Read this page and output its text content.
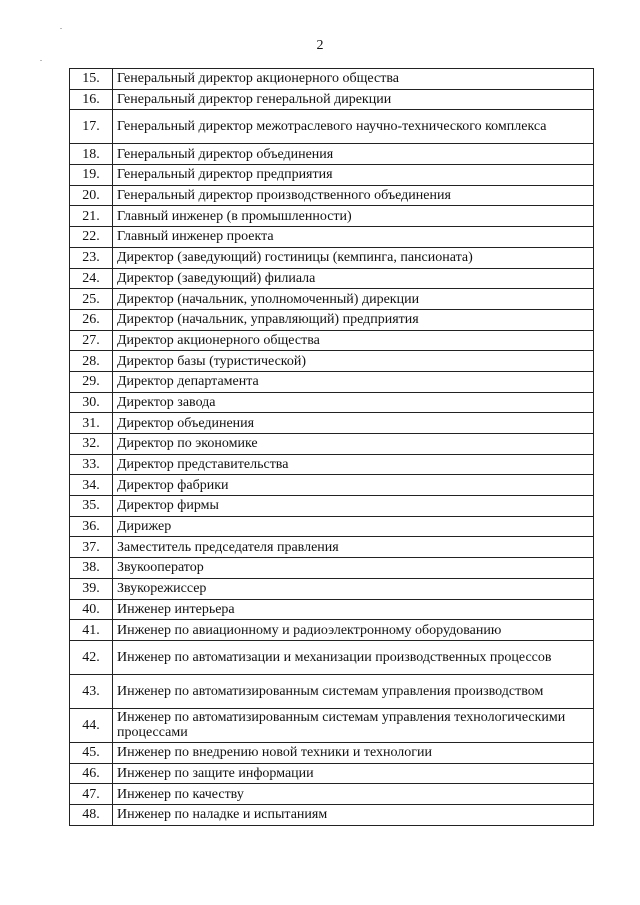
2
15.	Генеральный директор акционерного общества
16.	Генеральный директор генеральной дирекции
17.	Генеральный директор межотраслевого научно-технического комплекса
18.	Генеральный директор объединения
19.	Генеральный директор предприятия
20.	Генеральный директор производственного объединения
21.	Главный инженер (в промышленности)
22.	Главный инженер проекта
23.	Директор (заведующий) гостиницы (кемпинга, пансионата)
24.	Директор (заведующий) филиала
25.	Директор (начальник, уполномоченный) дирекции
26.	Директор (начальник, управляющий) предприятия
27.	Директор акционерного общества
28.	Директор базы (туристической)
29.	Директор департамента
30.	Директор завода
31.	Директор объединения
32.	Директор по экономике
33.	Директор представительства
34.	Директор фабрики
35.	Директор фирмы
36.	Дирижер
37.	Заместитель председателя правления
38.	Звукооператор
39.	Звукорежиссер
40.	Инженер интерьера
41.	Инженер по авиационному и радиоэлектронному оборудованию
42.	Инженер по автоматизации и механизации производственных процессов
43.	Инженер по автоматизированным системам управления производством
44.	Инженер по автоматизированным системам управления технологическими процессами
45.	Инженер по внедрению новой техники и технологии
46.	Инженер по защите информации
47.	Инженер по качеству
48.	Инженер по наладке и испытаниям
